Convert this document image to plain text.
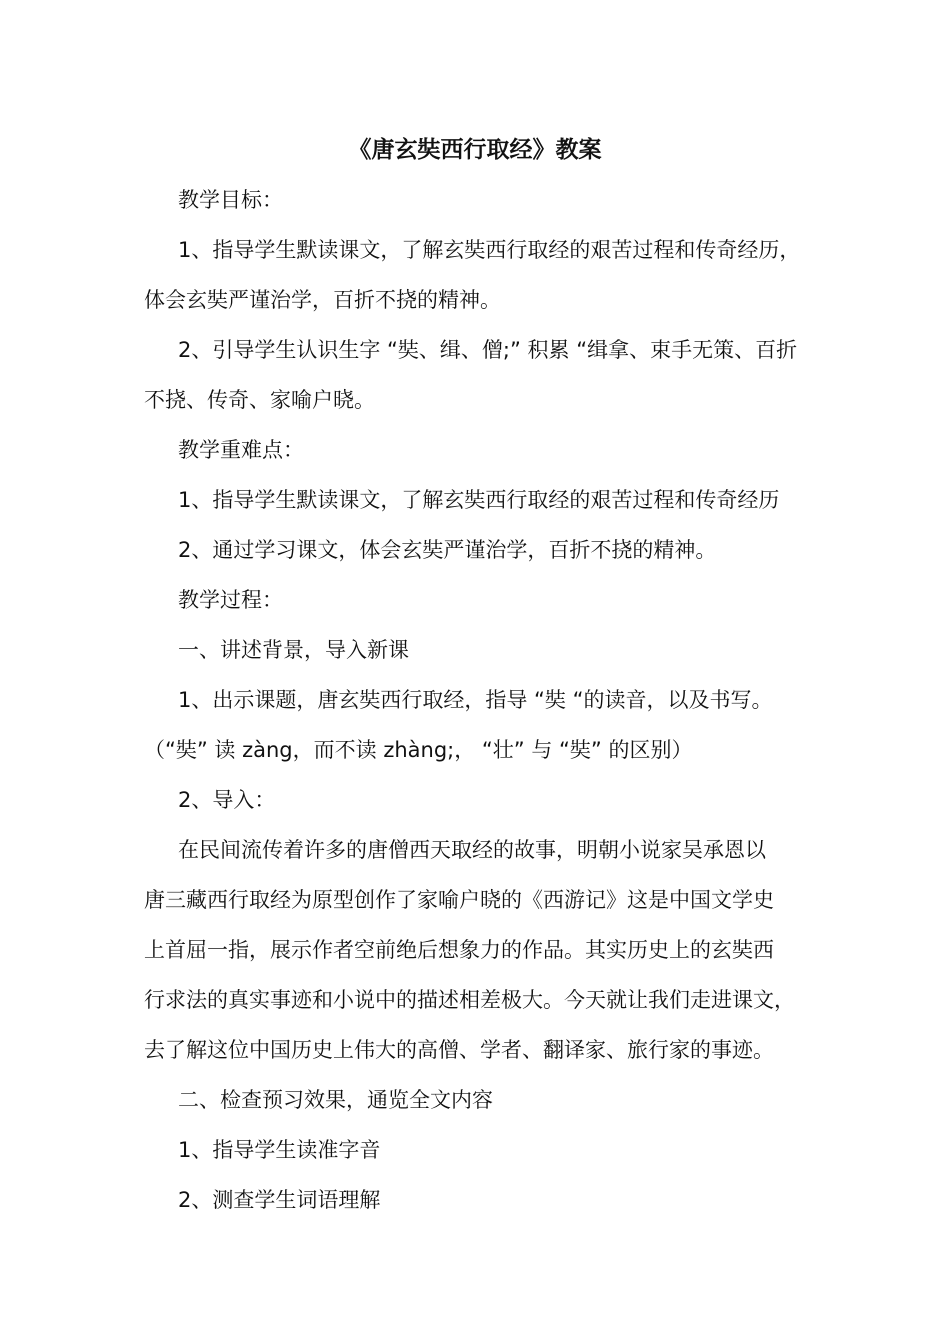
《唐玄奘西行取经》教案
教学目标：
1、指导学生默读课文，了解玄奘西行取经的艰苦过程和传奇经历，
体会玄奘严谨治学，百折不挠的精神。
2、引导学生认识生字 “奘、缉、僧;” 积累 “缉拿、束手无策、百折
不挠、传奇、家喻户晓。
教学重难点：
1、指导学生默读课文，了解玄奘西行取经的艰苦过程和传奇经历
2、通过学习课文，体会玄奘严谨治学，百折不挠的精神。
教学过程：
一、讲述背景，导入新课
1、出示课题，唐玄奘西行取经，指导 “奘 “的读音，以及书写。
（“奘” 读 zàng，而不读 zhàng;， “壮” 与 “奘” 的区别）
2、导入：
在民间流传着许多的唐僧西天取经的故事，明朝小说家吴承恩以
唐三藏西行取经为原型创作了家喻户晓的《西游记》这是中国文学史
上首屈一指，展示作者空前绝后想象力的作品。其实历史上的玄奘西
行求法的真实事迹和小说中的描述相差极大。今天就让我们走进课文，
去了解这位中国历史上伟大的高僧、学者、翻译家、旅行家的事迹。
二、检查预习效果，通览全文内容
1、指导学生读准字音
2、测查学生词语理解
